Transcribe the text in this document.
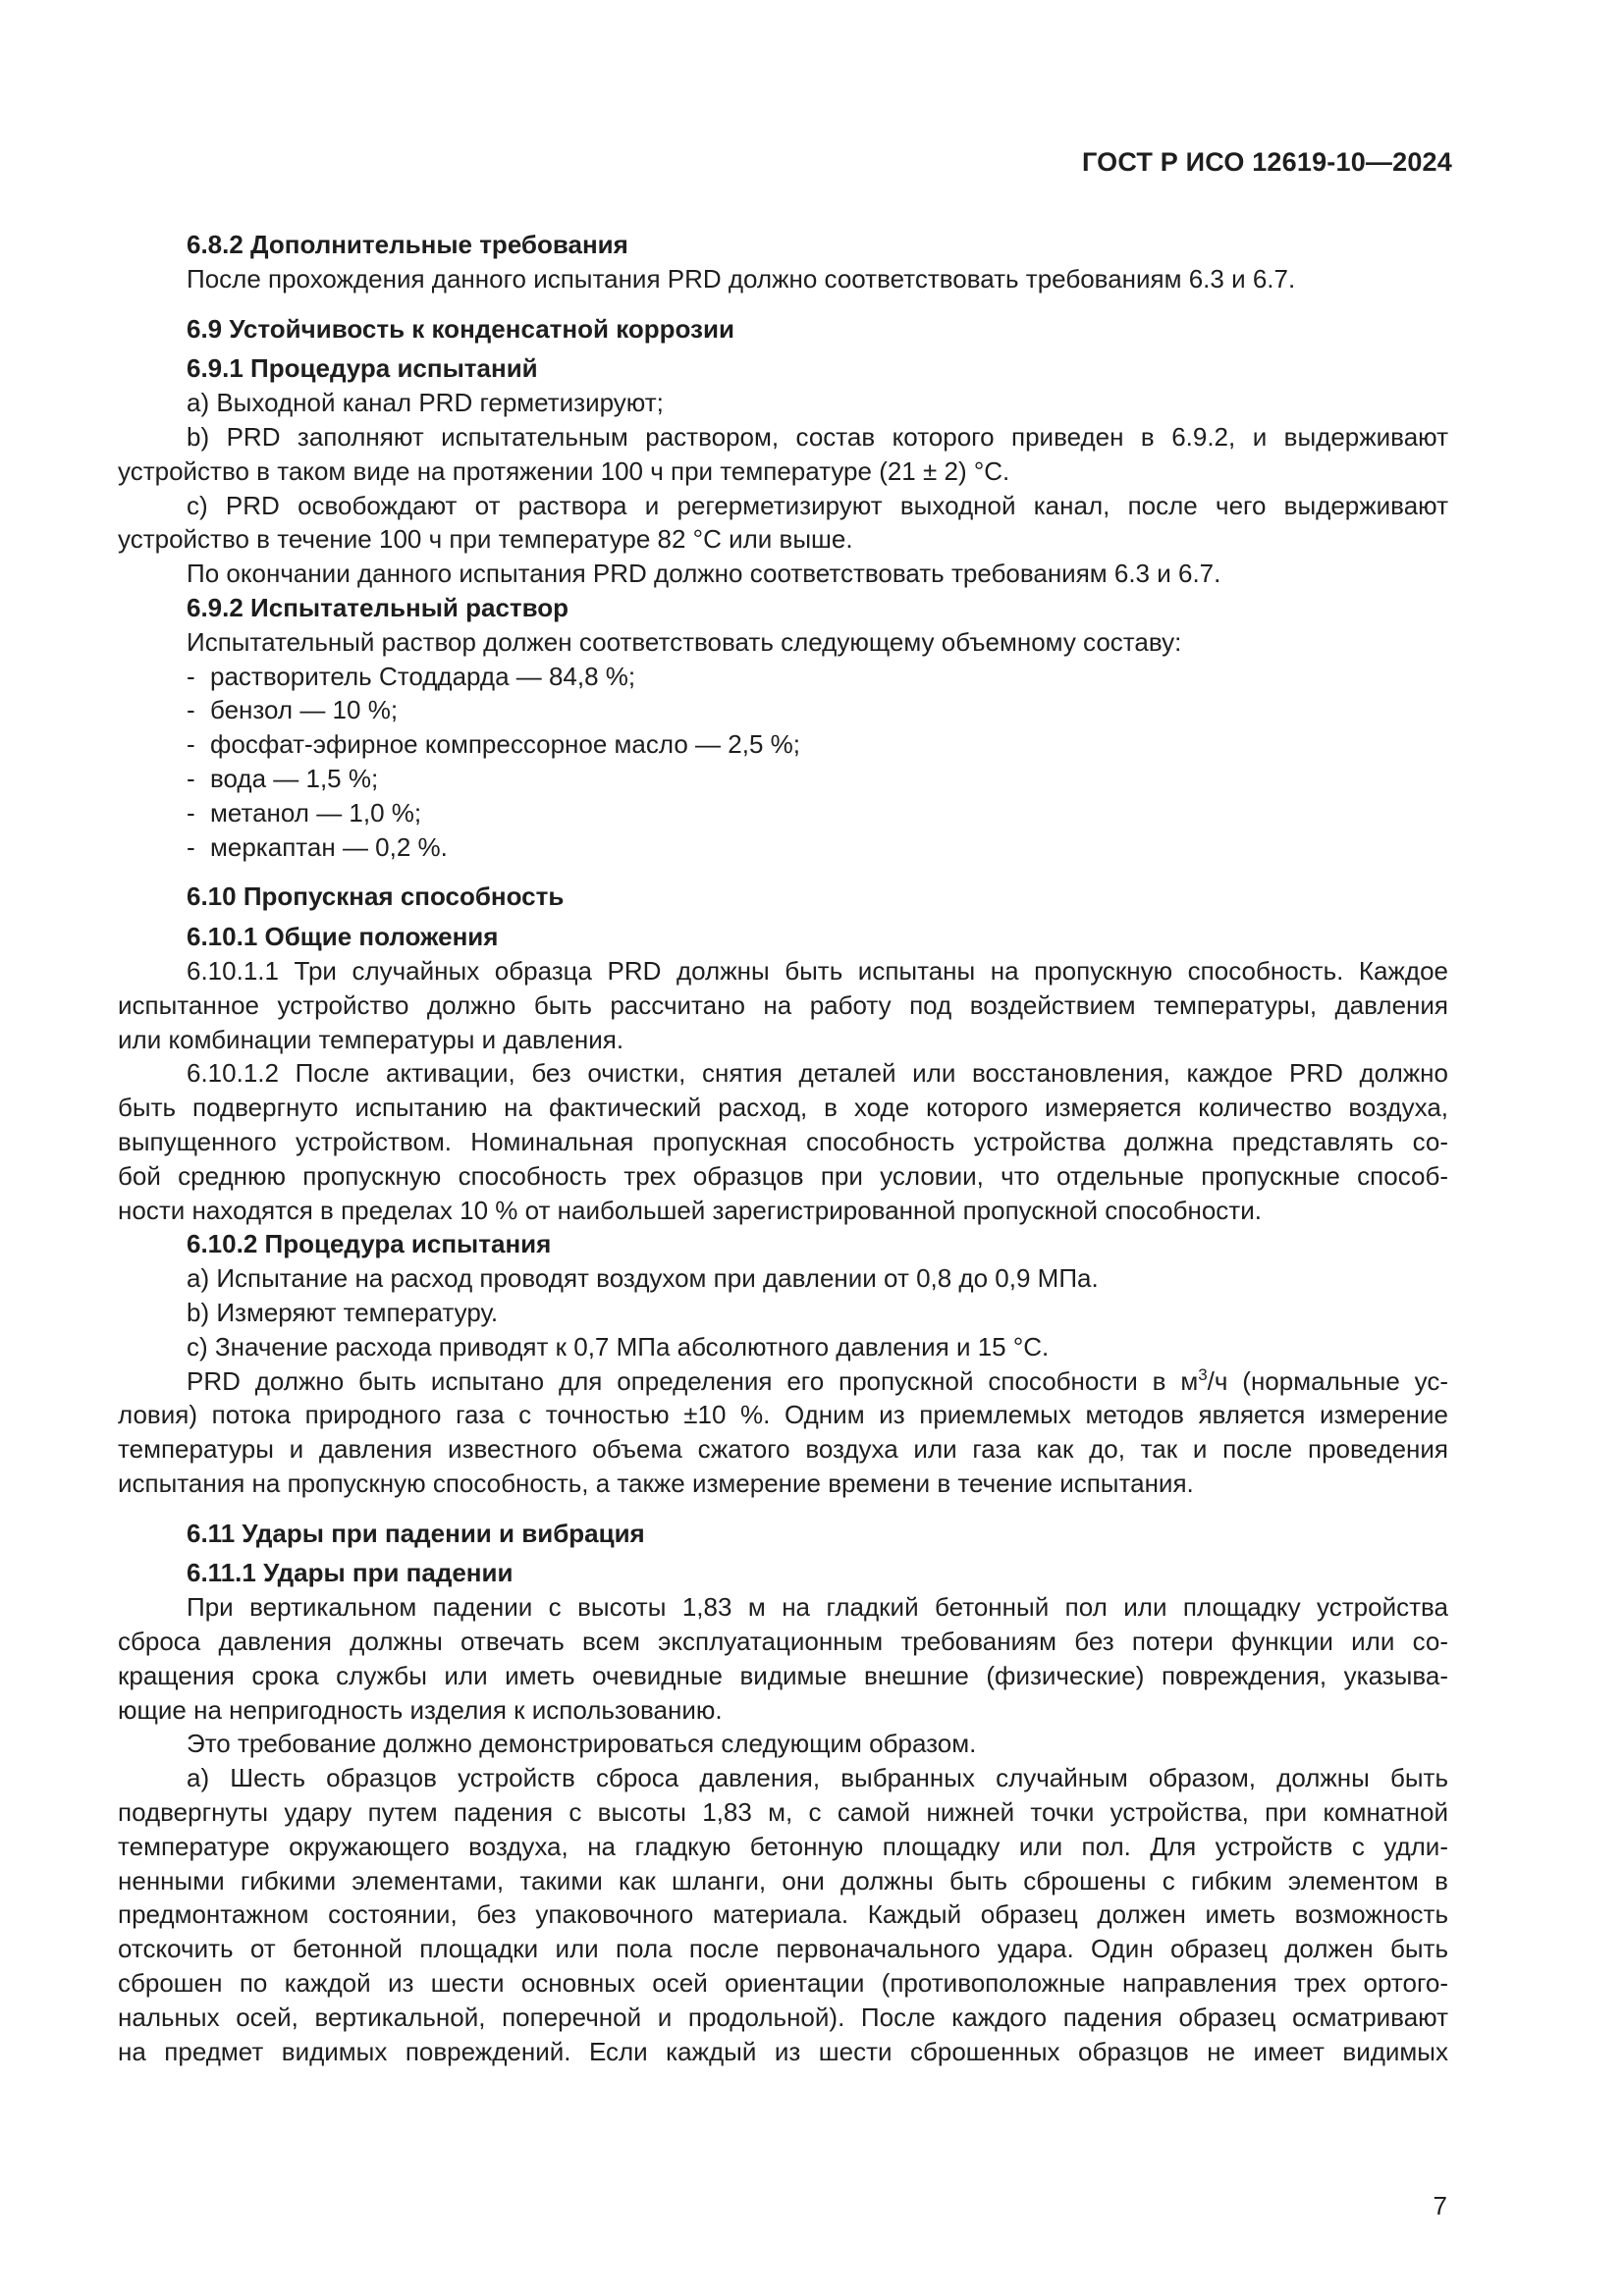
ГОСТ Р ИСО 12619-10—2024
6.8.2 Дополнительные требования
После прохождения данного испытания PRD должно соответствовать требованиям 6.3 и 6.7.
6.9 Устойчивость к конденсатной коррозии
6.9.1 Процедура испытаний
a) Выходной канал PRD герметизируют;
b) PRD заполняют испытательным раствором, состав которого приведен в 6.9.2, и выдерживают
устройство в таком виде на протяжении 100 ч при температуре (21 ± 2) °С.
c) PRD освобождают от раствора и регерметизируют выходной канал, после чего выдерживают
устройство в течение 100 ч при температуре 82 °С или выше.
По окончании данного испытания PRD должно соответствовать требованиям 6.3 и 6.7.
6.9.2 Испытательный раствор
Испытательный раствор должен соответствовать следующему объемному составу:
- растворитель Стоддарда — 84,8 %;
- бензол — 10 %;
- фосфат-эфирное компрессорное масло — 2,5 %;
- вода — 1,5 %;
- метанол — 1,0 %;
- меркаптан — 0,2 %.
6.10 Пропускная способность
6.10.1 Общие положения
6.10.1.1 Три случайных образца PRD должны быть испытаны на пропускную способность. Каждое
испытанное устройство должно быть рассчитано на работу под воздействием температуры, давления
или комбинации температуры и давления.
6.10.1.2 После активации, без очистки, снятия деталей или восстановления, каждое PRD должно
быть подвергнуто испытанию на фактический расход, в ходе которого измеряется количество воздуха,
выпущенного устройством. Номинальная пропускная способность устройства должна представлять со-
бой среднюю пропускную способность трех образцов при условии, что отдельные пропускные способ-
ности находятся в пределах 10 % от наибольшей зарегистрированной пропускной способности.
6.10.2 Процедура испытания
a) Испытание на расход проводят воздухом при давлении от 0,8 до 0,9 МПа.
b) Измеряют температуру.
c) Значение расхода приводят к 0,7 МПа абсолютного давления и 15 °С.
PRD должно быть испытано для определения его пропускной способности в $м^3/ч$ (нормальные ус-
ловия) потока природного газа с точностью ±10 %. Одним из приемлемых методов является измерение
температуры и давления известного объема сжатого воздуха или газа как до, так и после проведения
испытания на пропускную способность, а также измерение времени в течение испытания.
6.11 Удары при падении и вибрация
6.11.1 Удары при падении
При вертикальном падении с высоты 1,83 м на гладкий бетонный пол или площадку устройства
сброса давления должны отвечать всем эксплуатационным требованиям без потери функции или со-
кращения срока службы или иметь очевидные видимые внешние (физические) повреждения, указыва-
ющие на непригодность изделия к использованию.
Это требование должно демонстрироваться следующим образом.
a) Шесть образцов устройств сброса давления, выбранных случайным образом, должны быть
подвергнуты удару путем падения с высоты 1,83 м, с самой нижней точки устройства, при комнатной
температуре окружающего воздуха, на гладкую бетонную площадку или пол. Для устройств с удли-
ненными гибкими элементами, такими как шланги, они должны быть сброшены с гибким элементом в
предмонтажном состоянии, без упаковочного материала. Каждый образец должен иметь возможность
отскочить от бетонной площадки или пола после первоначального удара. Один образец должен быть
сброшен по каждой из шести основных осей ориентации (противоположные направления трех ортого-
нальных осей, вертикальной, поперечной и продольной). После каждого падения образец осматривают
на предмет видимых повреждений. Если каждый из шести сброшенных образцов не имеет видимых
7
